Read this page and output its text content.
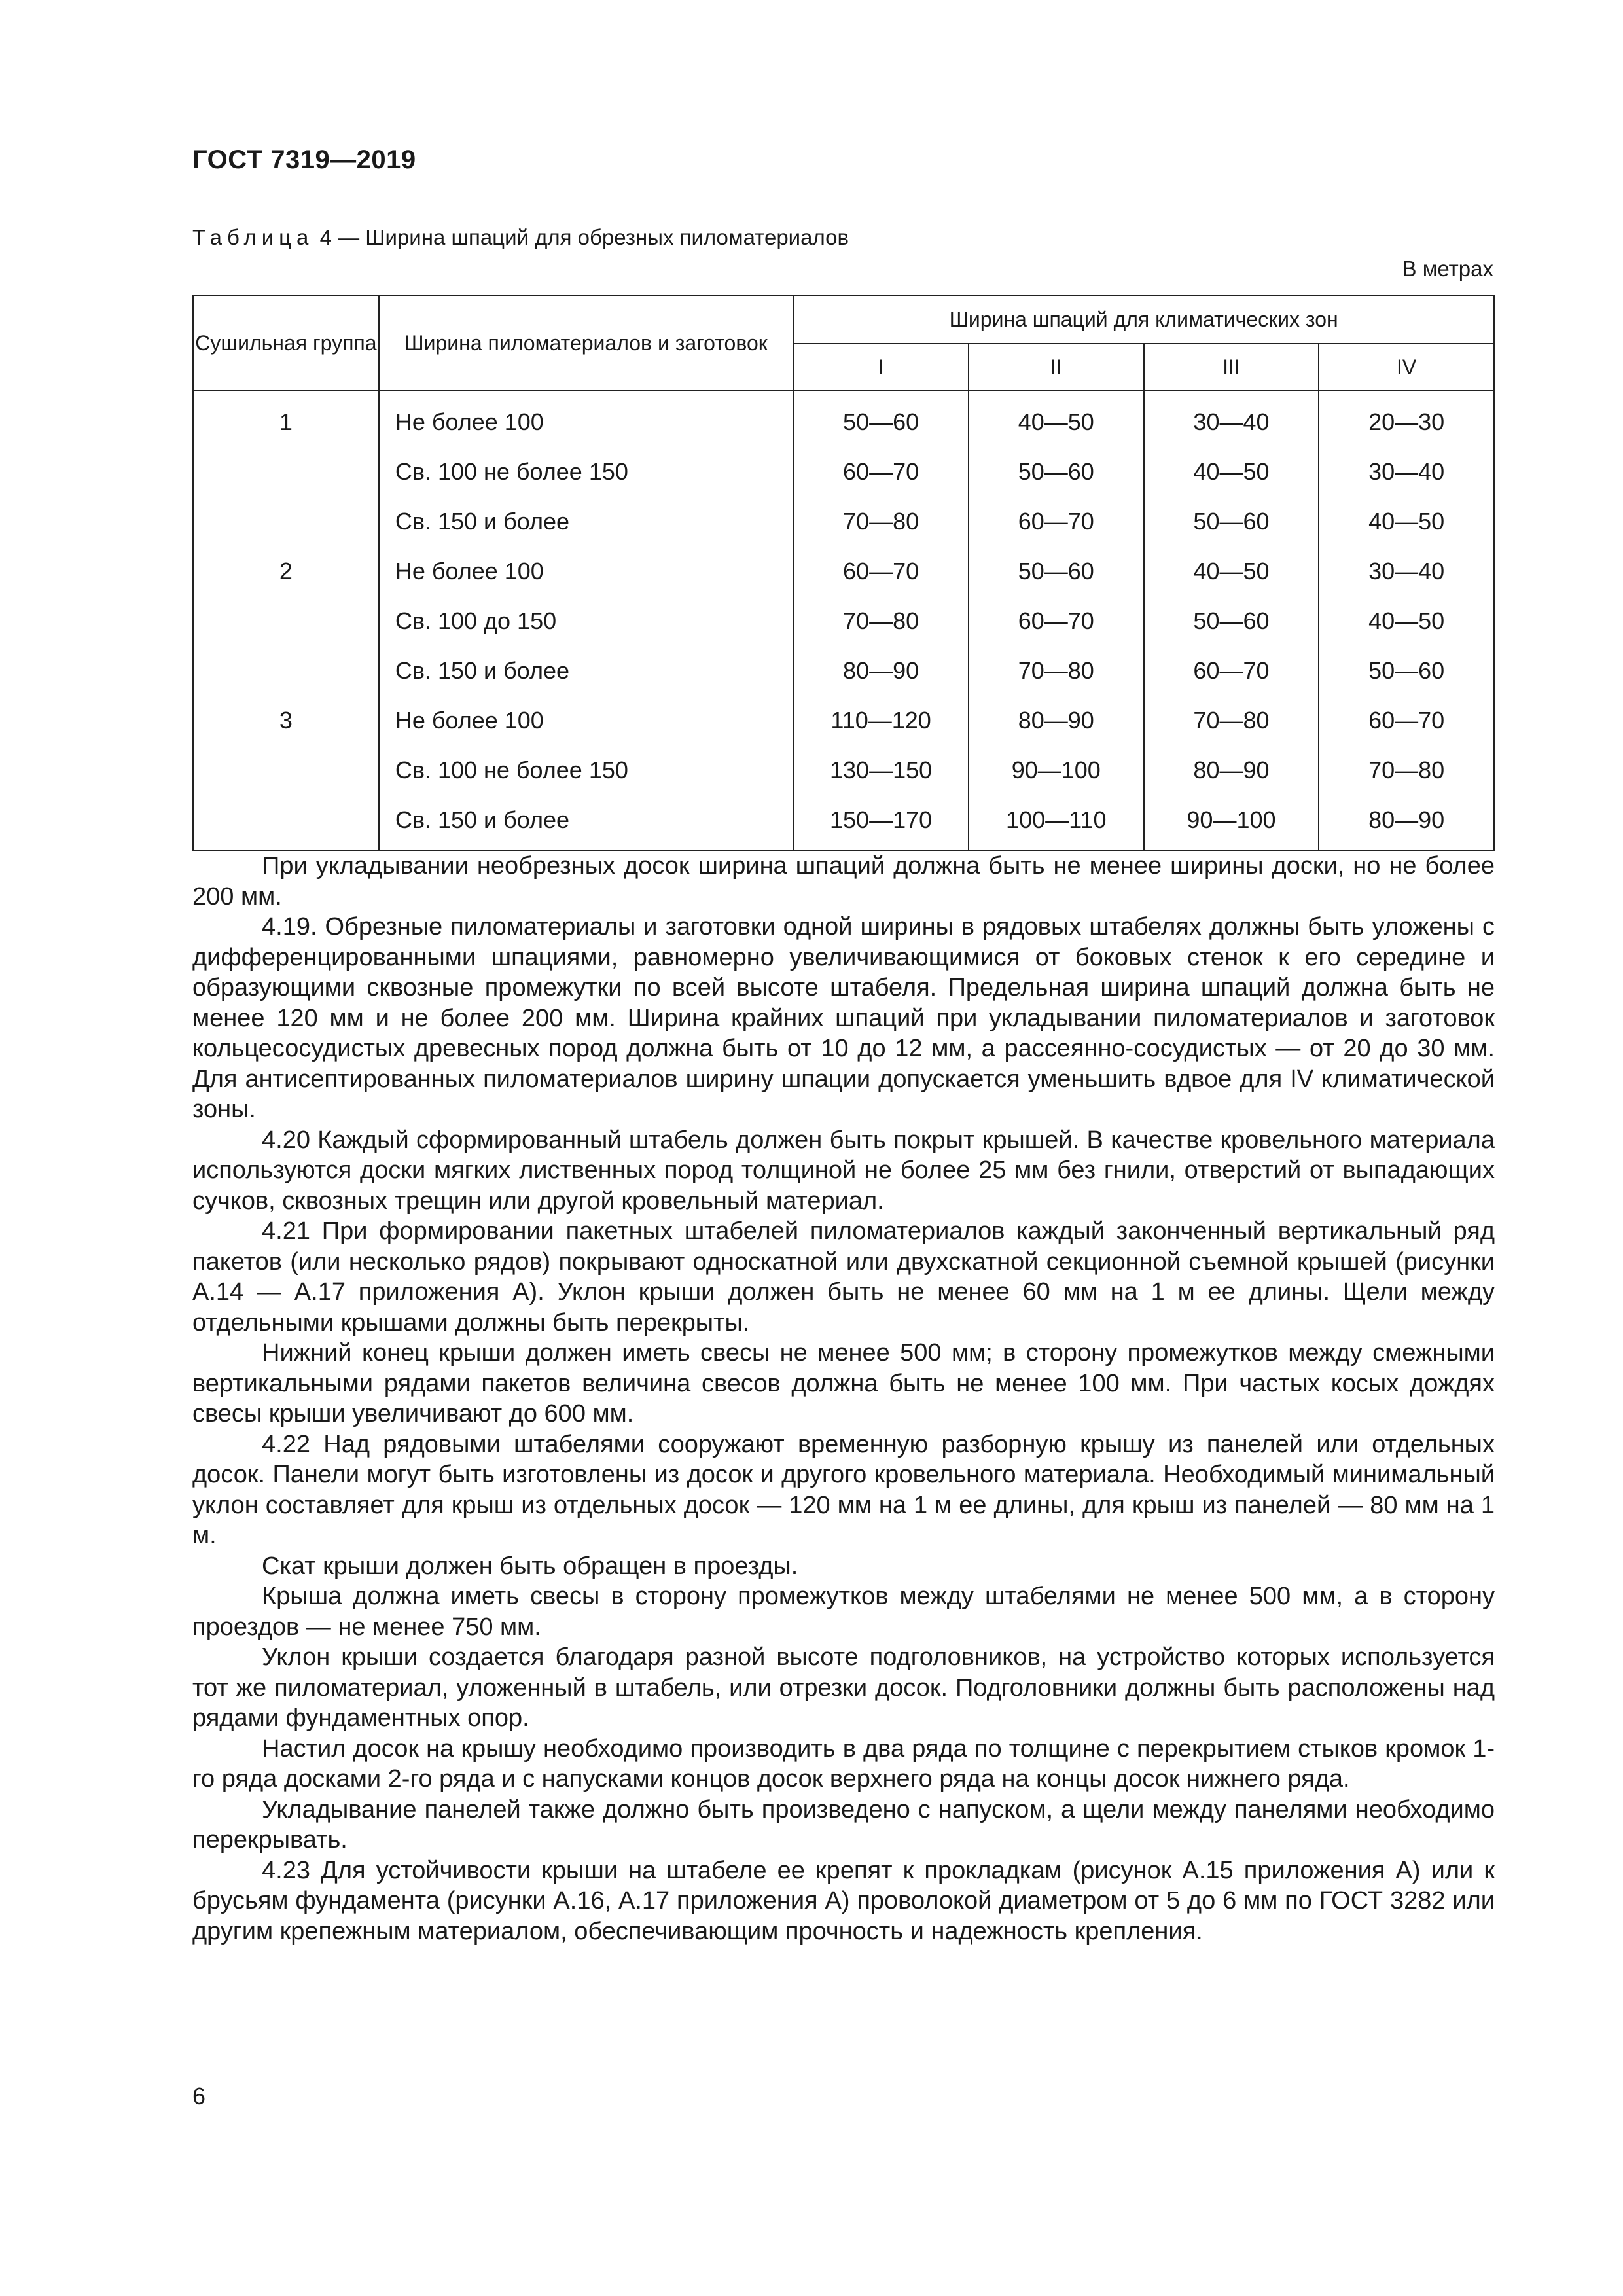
ГОСТ 7319—2019
Таблица 4 — Ширина шпаций для обрезных пиломатериалов
В метрах
Сушильная группа	Ширина пиломатериалов и заготовок	Ширина шпаций для климатических зон			
		I	II	III	IV
1	Не более 100	50—60	40—50	30—40	20—30
	Св. 100 не более 150	60—70	50—60	40—50	30—40
	Св. 150 и более	70—80	60—70	50—60	40—50
2	Не более 100	60—70	50—60	40—50	30—40
	Св. 100 до 150	70—80	60—70	50—60	40—50
	Св. 150 и более	80—90	70—80	60—70	50—60
3	Не более 100	110—120	80—90	70—80	60—70
	Св. 100 не более 150	130—150	90—100	80—90	70—80
	Св. 150 и более	150—170	100—110	90—100	80—90

При укладывании необрезных досок ширина шпаций должна быть не менее ширины доски, но не более 200 мм.

4.19. Обрезные пиломатериалы и заготовки одной ширины в рядовых штабелях должны быть уложены с дифференцированными шпациями, равномерно увеличивающимися от боковых стенок к его середине и образующими сквозные промежутки по всей высоте штабеля. Предельная ширина шпаций должна быть не менее 120 мм и не более 200 мм. Ширина крайних шпаций при укладывании пиломатериалов и заготовок кольцесосудистых древесных пород должна быть от 10 до 12 мм, а рассеянно-сосудистых — от 20 до 30 мм. Для антисептированных пиломатериалов ширину шпации допускается уменьшить вдвое для IV климатической зоны.

4.20 Каждый сформированный штабель должен быть покрыт крышей. В качестве кровельного материала используются доски мягких лиственных пород толщиной не более 25 мм без гнили, отверстий от выпадающих сучков, сквозных трещин или другой кровельный материал.

4.21 При формировании пакетных штабелей пиломатериалов каждый законченный вертикальный ряд пакетов (или несколько рядов) покрывают односкатной или двухскатной секционной съемной крышей (рисунки А.14 — А.17 приложения А). Уклон крыши должен быть не менее 60 мм на 1 м ее длины. Щели между отдельными крышами должны быть перекрыты.

Нижний конец крыши должен иметь свесы не менее 500 мм; в сторону промежутков между смежными вертикальными рядами пакетов величина свесов должна быть не менее 100 мм. При частых косых дождях свесы крыши увеличивают до 600 мм.

4.22 Над рядовыми штабелями сооружают временную разборную крышу из панелей или отдельных досок. Панели могут быть изготовлены из досок и другого кровельного материала. Необходимый минимальный уклон составляет для крыш из отдельных досок — 120 мм на 1 м ее длины, для крыш из панелей — 80 мм на 1 м.

Скат крыши должен быть обращен в проезды.

Крыша должна иметь свесы в сторону промежутков между штабелями не менее 500 мм, а в сторону проездов — не менее 750 мм.

Уклон крыши создается благодаря разной высоте подголовников, на устройство которых используется тот же пиломатериал, уложенный в штабель, или отрезки досок. Подголовники должны быть расположены над рядами фундаментных опор.

Настил досок на крышу необходимо производить в два ряда по толщине с перекрытием стыков кромок 1-го ряда досками 2-го ряда и с напусками концов досок верхнего ряда на концы досок нижнего ряда.

Укладывание панелей также должно быть произведено с напуском, а щели между панелями необходимо перекрывать.

4.23 Для устойчивости крыши на штабеле ее крепят к прокладкам (рисунок А.15 приложения А) или к брусьям фундамента (рисунки А.16, А.17 приложения А) проволокой диаметром от 5 до 6 мм по ГОСТ 3282 или другим крепежным материалом, обеспечивающим прочность и надежность крепления.

6
